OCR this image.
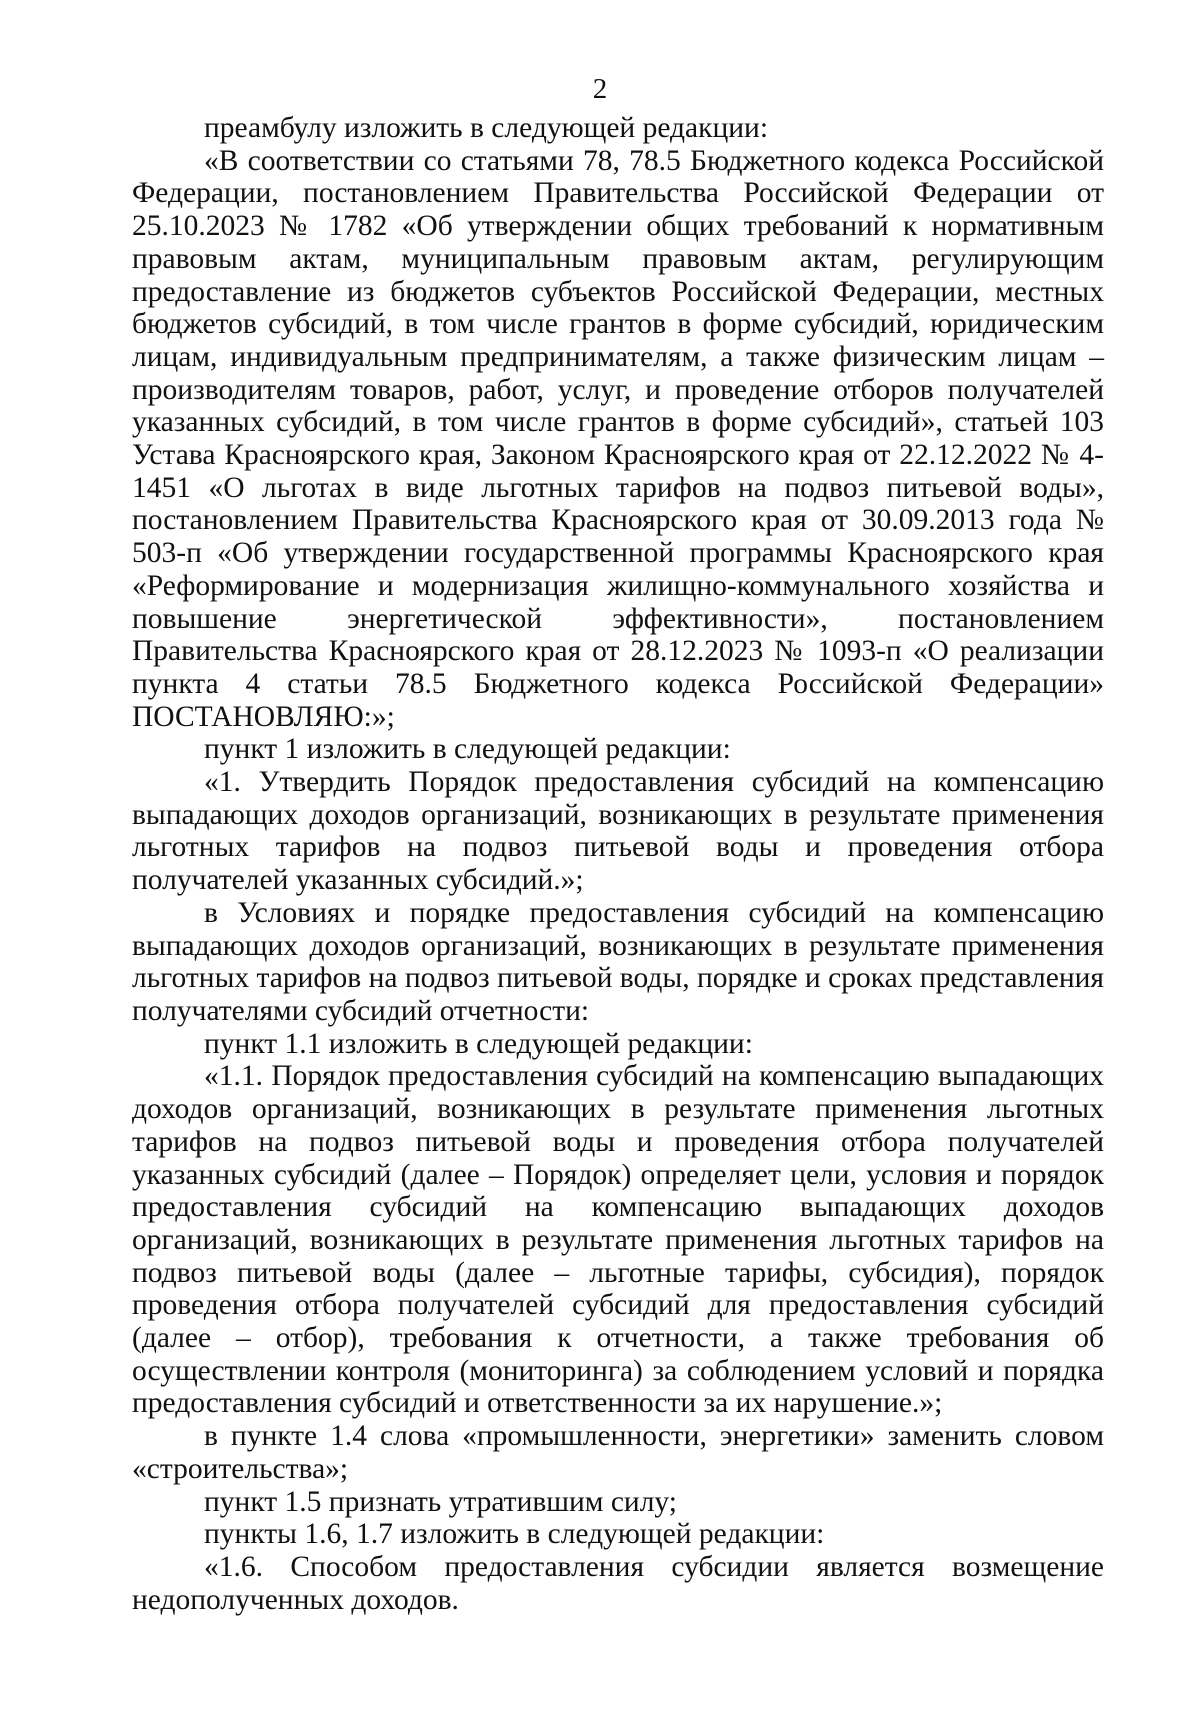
2

преамбулу изложить в следующей редакции:

«В соответствии со статьями 78, 78.5 Бюджетного кодекса Российской Федерации, постановлением Правительства Российской Федерации от 25.10.2023 № 1782 «Об утверждении общих требований к нормативным правовым актам, муниципальным правовым актам, регулирующим предоставление из бюджетов субъектов Российской Федерации, местных бюджетов субсидий, в том числе грантов в форме субсидий, юридическим лицам, индивидуальным предпринимателям, а также физическим лицам – производителям товаров, работ, услуг, и проведение отборов получателей указанных субсидий, в том числе грантов в форме субсидий», статьей 103 Устава Красноярского края, Законом Красноярского края от 22.12.2022 № 4-1451 «О льготах в виде льготных тарифов на подвоз питьевой воды», постановлением Правительства Красноярского края от 30.09.2013 года № 503-п «Об утверждении государственной программы Красноярского края «Реформирование и модернизация жилищно-коммунального хозяйства и повышение энергетической эффективности», постановлением Правительства Красноярского края от 28.12.2023 № 1093-п «О реализации пункта 4 статьи 78.5 Бюджетного кодекса Российской Федерации» ПОСТАНОВЛЯЮ:»;

пункт 1 изложить в следующей редакции:

«1. Утвердить Порядок предоставления субсидий на компенсацию выпадающих доходов организаций, возникающих в результате применения льготных тарифов на подвоз питьевой воды и проведения отбора получателей указанных субсидий.»;

в Условиях и порядке предоставления субсидий на компенсацию выпадающих доходов организаций, возникающих в результате применения льготных тарифов на подвоз питьевой воды, порядке и сроках представления получателями субсидий отчетности:

пункт 1.1 изложить в следующей редакции:

«1.1. Порядок предоставления субсидий на компенсацию выпадающих доходов организаций, возникающих в результате применения льготных тарифов на подвоз питьевой воды и проведения отбора получателей указанных субсидий (далее – Порядок) определяет цели, условия и порядок предоставления субсидий на компенсацию выпадающих доходов организаций, возникающих в результате применения льготных тарифов на подвоз питьевой воды (далее – льготные тарифы, субсидия), порядок проведения отбора получателей субсидий для предоставления субсидий (далее – отбор), требования к отчетности, а также требования об осуществлении контроля (мониторинга) за соблюдением условий и порядка предоставления субсидий и ответственности за их нарушение.»;

в пункте 1.4 слова «промышленности, энергетики» заменить словом «строительства»;

пункт 1.5 признать утратившим силу;

пункты 1.6, 1.7 изложить в следующей редакции:

«1.6. Способом предоставления субсидии является возмещение недополученных доходов.
